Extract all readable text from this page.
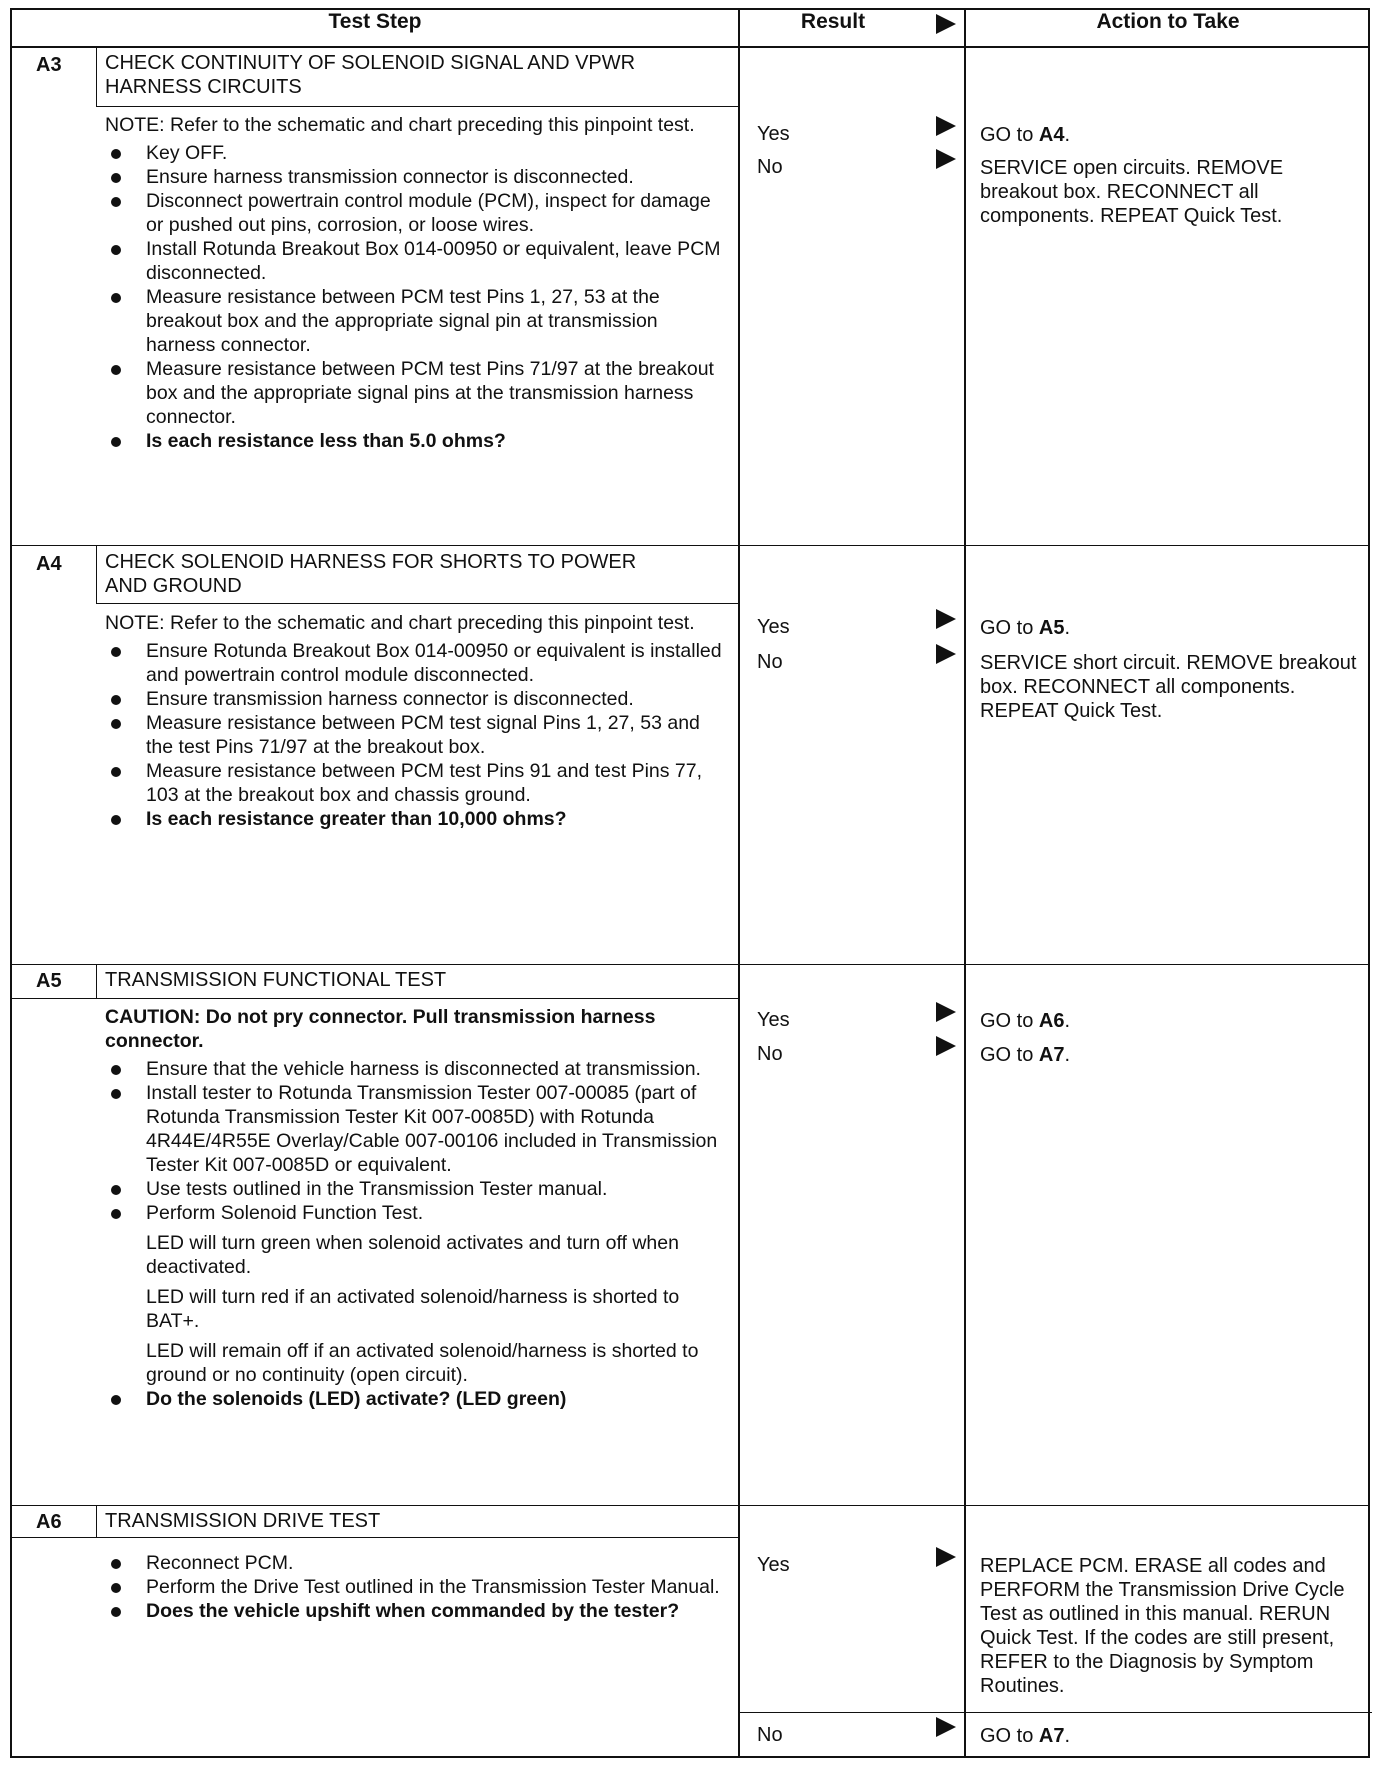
Test Step	Result	Action to Take
A3 CHECK CONTINUITY OF SOLENOID SIGNAL AND VPWR HARNESS CIRCUITS

NOTE: Refer to the schematic and chart preceding this pinpoint test.

Key OFF.
Ensure harness transmission connector is disconnected.
Disconnect powertrain control module (PCM), inspect for damage or pushed out pins, corrosion, or loose wires.
Install Rotunda Breakout Box 014-00950 or equivalent, leave PCM disconnected.
Measure resistance between PCM test Pins 1, 27, 53 at the breakout box and the appropriate signal pin at transmission harness connector.
Measure resistance between PCM test Pins 71/97 at the breakout box and the appropriate signal pins at the transmission harness connector.
Is each resistance less than 5.0 ohms?
Yes	GO to A4.
No	SERVICE open circuits. REMOVE breakout box. RECONNECT all components. REPEAT Quick Test.
A4 CHECK SOLENOID HARNESS FOR SHORTS TO POWER AND GROUND

NOTE: Refer to the schematic and chart preceding this pinpoint test.

Ensure Rotunda Breakout Box 014-00950 or equivalent is installed and powertrain control module disconnected.
Ensure transmission harness connector is disconnected.
Measure resistance between PCM test signal Pins 1, 27, 53 and the test Pins 71/97 at the breakout box.
Measure resistance between PCM test Pins 91 and test Pins 77, 103 at the breakout box and chassis ground.
Is each resistance greater than 10,000 ohms?
Yes	GO to A5.
No	SERVICE short circuit. REMOVE breakout box. RECONNECT all components. REPEAT Quick Test.
A5 TRANSMISSION FUNCTIONAL TEST

CAUTION: Do not pry connector. Pull transmission harness connector.

Ensure that the vehicle harness is disconnected at transmission.
Install tester to Rotunda Transmission Tester 007-00085 (part of Rotunda Transmission Tester Kit 007-0085D) with Rotunda 4R44E/4R55E Overlay/Cable 007-00106 included in Transmission Tester Kit 007-0085D or equivalent.
Use tests outlined in the Transmission Tester manual.
Perform Solenoid Function Test.

LED will turn green when solenoid activates and turn off when deactivated.

LED will turn red if an activated solenoid/harness is shorted to BAT+.

LED will remain off if an activated solenoid/harness is shorted to ground or no continuity (open circuit).

Do the solenoids (LED) activate? (LED green)
Yes	GO to A6.
No	GO to A7.
A6 TRANSMISSION DRIVE TEST
Reconnect PCM.
Perform the Drive Test outlined in the Transmission Tester Manual.
Does the vehicle upshift when commanded by the tester?
Yes	REPLACE PCM. ERASE all codes and PERFORM the Transmission Drive Cycle Test as outlined in this manual. RERUN Quick Test. If the codes are still present, REFER to the Diagnosis by Symptom Routines.
No	GO to A7.
